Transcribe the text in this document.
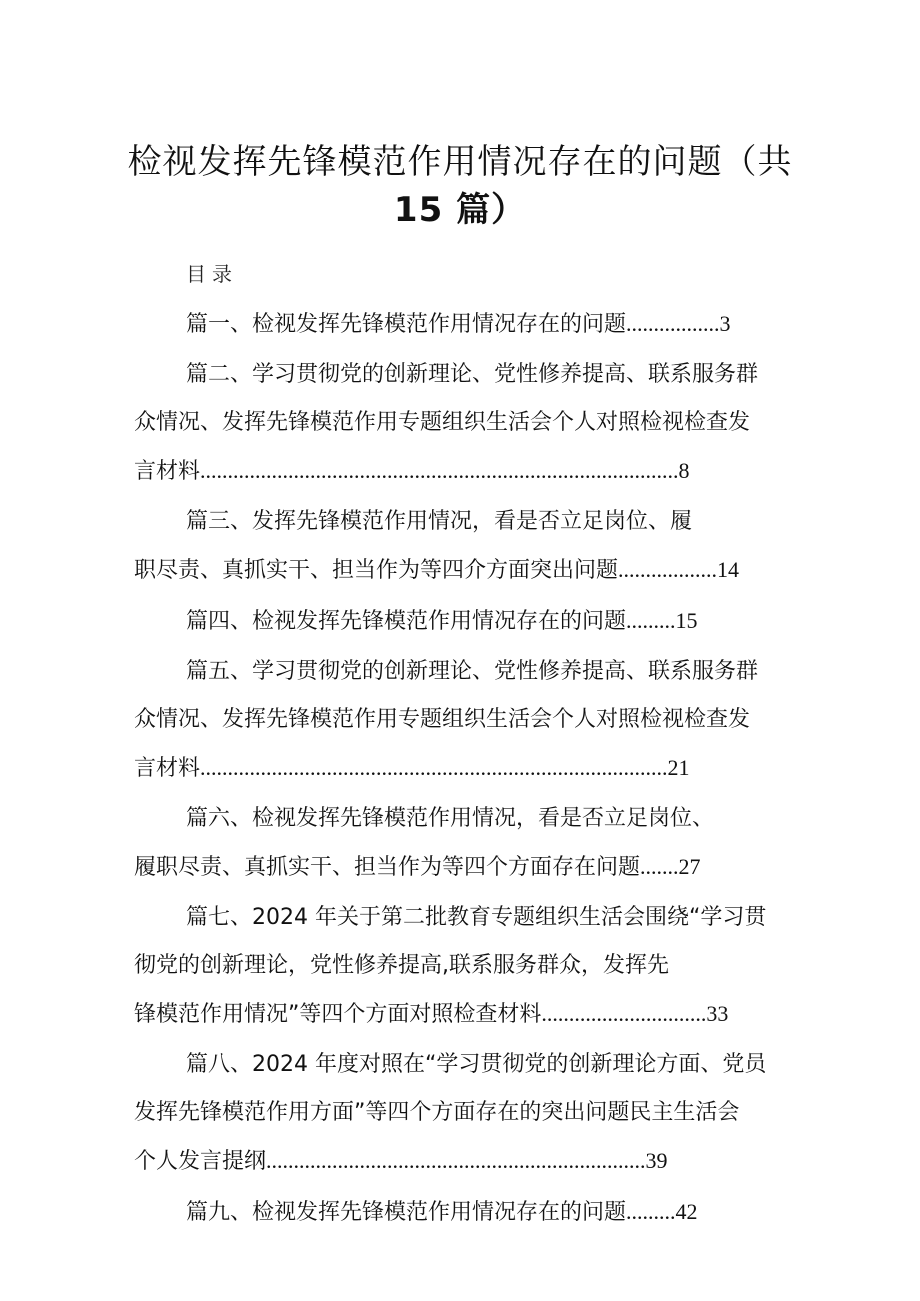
检视发挥先锋模范作用情况存在的问题（共
15 篇）
目录
篇一、检视发挥先锋模范作用情况存在的问题.................3
篇二、学习贯彻党的创新理论、党性修养提高、联系服务群
众情况、发挥先锋模范作用专题组织生活会个人对照检视检查发
言材料.......................................................................................8
篇三、发挥先锋模范作用情况，看是否立足岗位、履
职尽责、真抓实干、担当作为等四介方面突出问题..................14
篇四、检视发挥先锋模范作用情况存在的问题.........15
篇五、学习贯彻党的创新理论、党性修养提高、联系服务群
众情况、发挥先锋模范作用专题组织生活会个人对照检视检查发
言材料.....................................................................................21
篇六、检视发挥先锋模范作用情况，看是否立足岗位、
履职尽责、真抓实干、担当作为等四个方面存在问题.......27
篇七、2024 年关于第二批教育专题组织生活会围绕“学习贯
彻党的创新理论，党性修养提高,联系服务群众，发挥先
锋模范作用情况”等四个方面对照检查材料..............................33
篇八、2024 年度对照在“学习贯彻党的创新理论方面、党员
发挥先锋模范作用方面”等四个方面存在的突出问题民主生活会
个人发言提纲.....................................................................39
篇九、检视发挥先锋模范作用情况存在的问题.........42
